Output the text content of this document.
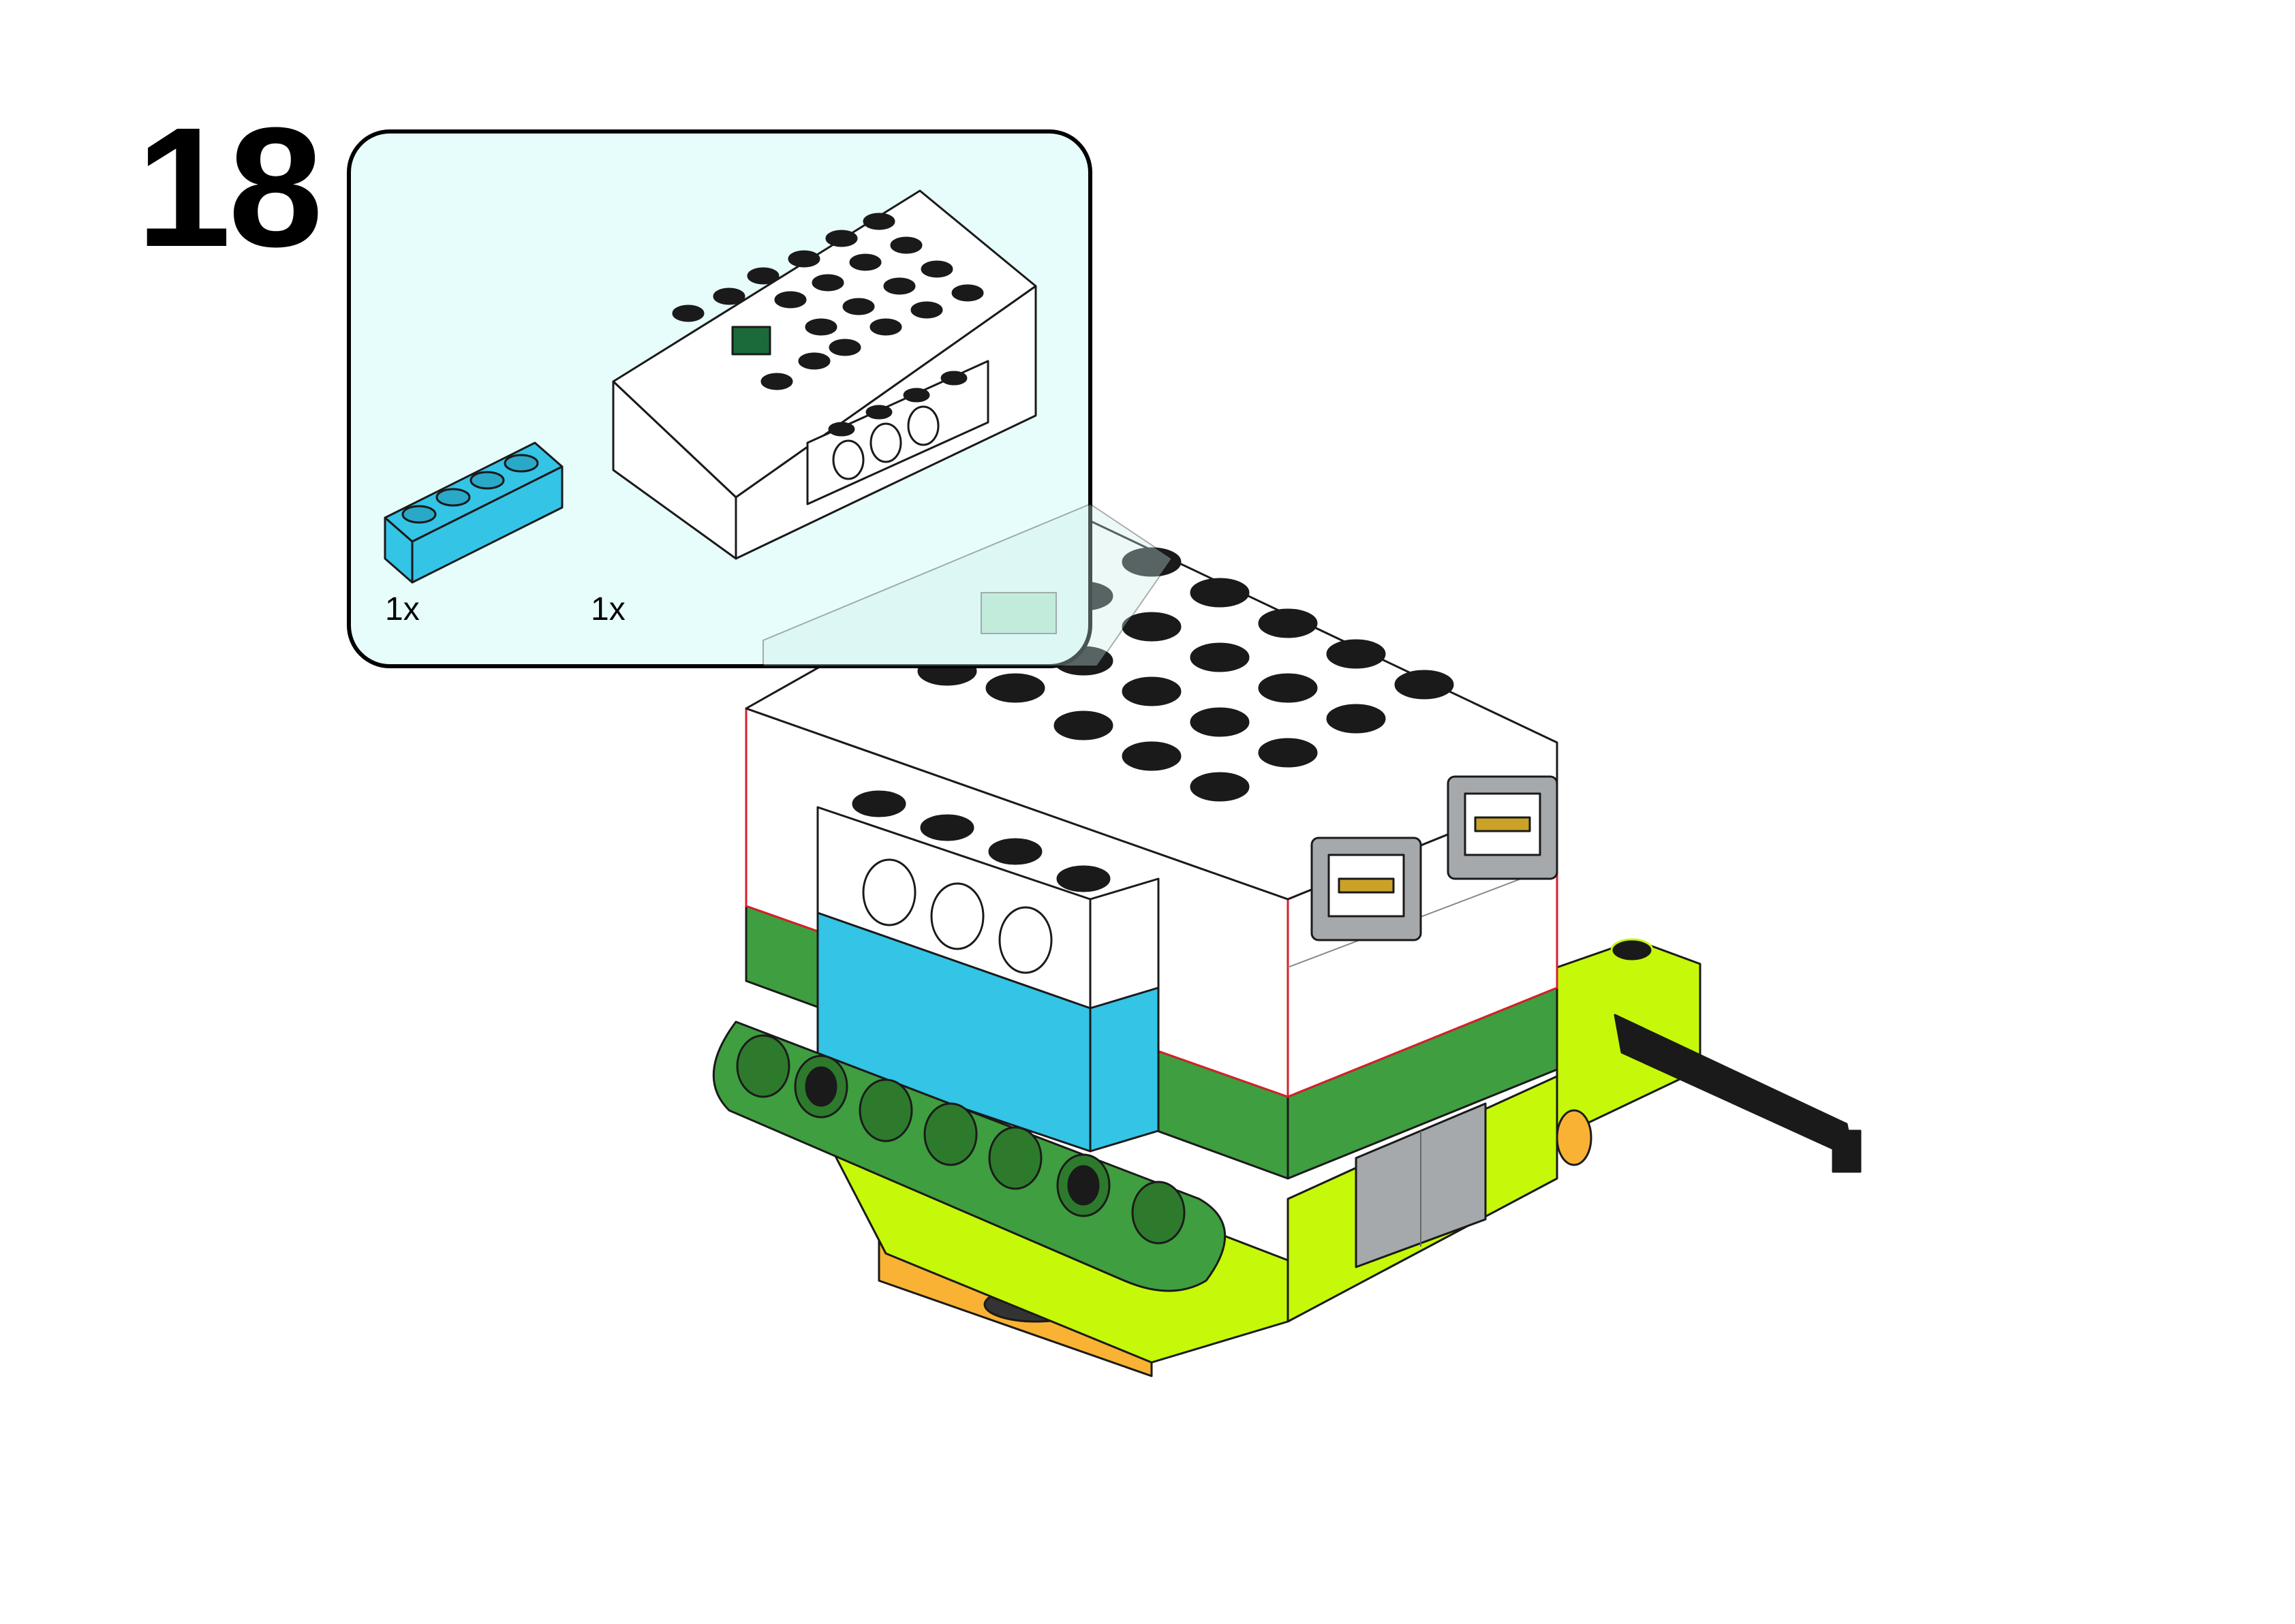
18
1x	1x
